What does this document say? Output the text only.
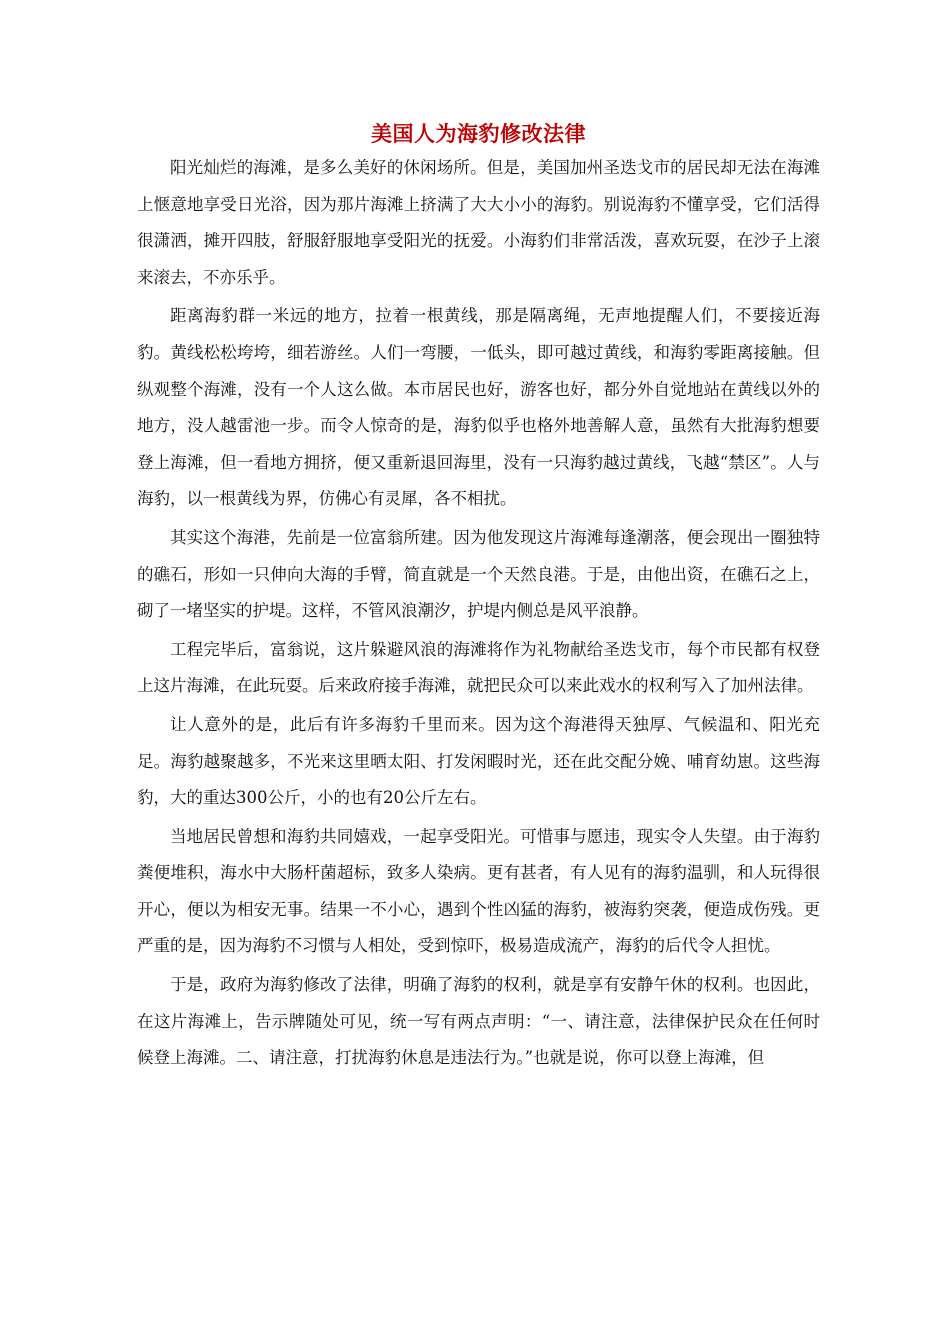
美国人为海豹修改法律

阳光灿烂的海滩，是多么美好的休闲场所。但是，美国加州圣迭戈市的居民却无法在海滩上惬意地享受日光浴，因为那片海滩上挤满了大大小小的海豹。别说海豹不懂享受，它们活得很潇洒，摊开四肢，舒服舒服地享受阳光的抚爱。小海豹们非常活泼，喜欢玩耍，在沙子上滚来滚去，不亦乐乎。

距离海豹群一米远的地方，拉着一根黄线，那是隔离绳，无声地提醒人们，不要接近海豹。黄线松松垮垮，细若游丝。人们一弯腰，一低头，即可越过黄线，和海豹零距离接触。但纵观整个海滩，没有一个人这么做。本市居民也好，游客也好，都分外自觉地站在黄线以外的地方，没人越雷池一步。而令人惊奇的是，海豹似乎也格外地善解人意，虽然有大批海豹想要登上海滩，但一看地方拥挤，便又重新退回海里，没有一只海豹越过黄线，飞越“禁区”。人与海豹，以一根黄线为界，仿佛心有灵犀，各不相扰。

其实这个海港，先前是一位富翁所建。因为他发现这片海滩每逢潮落，便会现出一圈独特的礁石，形如一只伸向大海的手臂，简直就是一个天然良港。于是，由他出资，在礁石之上，砌了一堵坚实的护堤。这样，不管风浪潮汐，护堤内侧总是风平浪静。

工程完毕后，富翁说，这片躲避风浪的海滩将作为礼物献给圣迭戈市，每个市民都有权登上这片海滩，在此玩耍。后来政府接手海滩，就把民众可以来此戏水的权利写入了加州法律。

让人意外的是，此后有许多海豹千里而来。因为这个海港得天独厚、气候温和、阳光充足。海豹越聚越多，不光来这里晒太阳、打发闲暇时光，还在此交配分娩、哺育幼崽。这些海豹，大的重达300公斤，小的也有20公斤左右。

当地居民曾想和海豹共同嬉戏，一起享受阳光。可惜事与愿违，现实令人失望。由于海豹粪便堆积，海水中大肠杆菌超标，致多人染病。更有甚者，有人见有的海豹温驯，和人玩得很开心，便以为相安无事。结果一不小心，遇到个性凶猛的海豹，被海豹突袭，便造成伤残。更严重的是，因为海豹不习惯与人相处，受到惊吓，极易造成流产，海豹的后代令人担忧。

于是，政府为海豹修改了法律，明确了海豹的权利，就是享有安静午休的权利。也因此，在这片海滩上，告示牌随处可见，统一写有两点声明：“一、请注意，法律保护民众在任何时候登上海滩。二、请注意，打扰海豹休息是违法行为。”也就是说，你可以登上海滩，但
